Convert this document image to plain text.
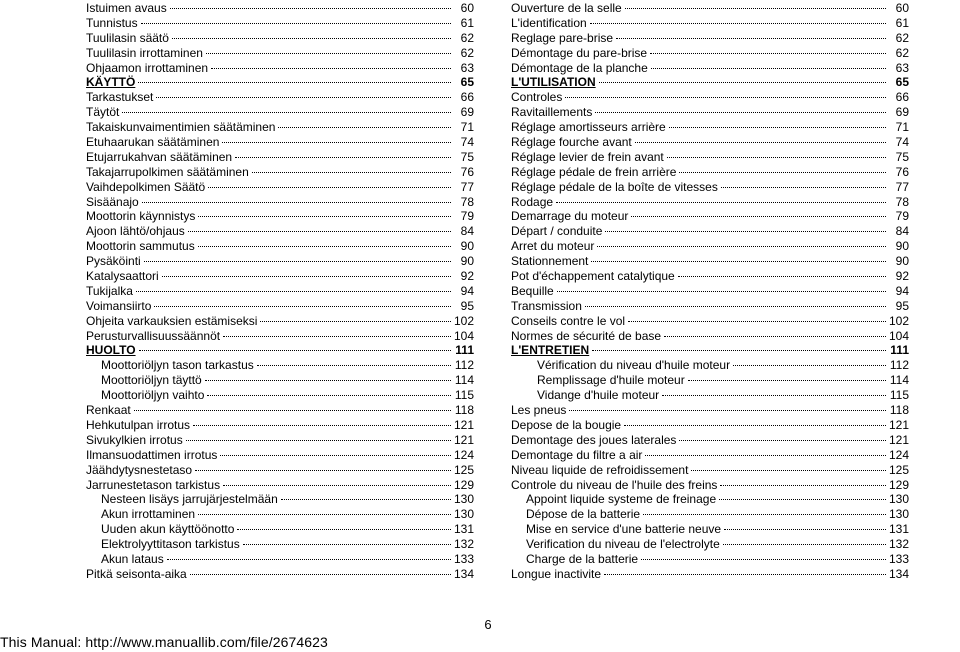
Istuimen avaus	60
Tunnistus	61
Tuulilasin säätö	62
Tuulilasin irrottaminen	62
Ohjaamon irrottaminen	63
KÄYTTÖ	65
Tarkastukset	66
Täytöt	69
Takaiskunvaimentimien säätäminen	71
Etuhaarukan säätäminen	74
Etujarrukahvan säätäminen	75
Takajarrupolkimen säätäminen	76
Vaihdepolkimen Säätö	77
Sisäänajo	78
Moottorin käynnistys	79
Ajoon lähtö/ohjaus	84
Moottorin sammutus	90
Pysäköinti	90
Katalysaattori	92
Tukijalka	94
Voimansiirto	95
Ohjeita varkauksien estämiseksi	102
Perusturvallisuussäännöt	104
HUOLTO	111
Moottoriöljyn tason tarkastus	112
Moottoriöljyn täyttö	114
Moottoriöljyn vaihto	115
Renkaat	118
Hehkutulpan irrotus	121
Sivukylkien irrotus	121
Ilmansuodattimen irrotus	124
Jäähdytysnestetaso	125
Jarrunestetason tarkistus	129
Nesteen lisäys jarrujärjestelmään	130
Akun irrottaminen	130
Uuden akun käyttöönotto	131
Elektrolyyttitason tarkistus	132
Akun lataus	133
Pitkä seisonta-aika	134
Ouverture de la selle	60
L'identification	61
Reglage pare-brise	62
Démontage du pare-brise	62
Démontage de la planche	63
L'UTILISATION	65
Controles	66
Ravitaillements	69
Réglage amortisseurs arrière	71
Réglage fourche avant	74
Réglage levier de frein avant	75
Réglage pédale de frein arrière	76
Réglage pédale de la boîte de vitesses	77
Rodage	78
Demarrage du moteur	79
Départ / conduite	84
Arret du moteur	90
Stationnement	90
Pot d'échappement catalytique	92
Bequille	94
Transmission	95
Conseils contre le vol	102
Normes de sécurité de base	104
L'ENTRETIEN	111
Vérification du niveau d'huile moteur	112
Remplissage d'huile moteur	114
Vidange d'huile moteur	115
Les pneus	118
Depose de la bougie	121
Demontage des joues laterales	121
Demontage du filtre a air	124
Niveau liquide de refroidissement	125
Controle du niveau de l'huile des freins	129
Appoint liquide systeme de freinage	130
Dépose de la batterie	130
Mise en service d'une batterie neuve	131
Verification du niveau de l'electrolyte	132
Charge de la batterie	133
Longue inactivite	134
6
This Manual: http://www.manuallib.com/file/2674623
